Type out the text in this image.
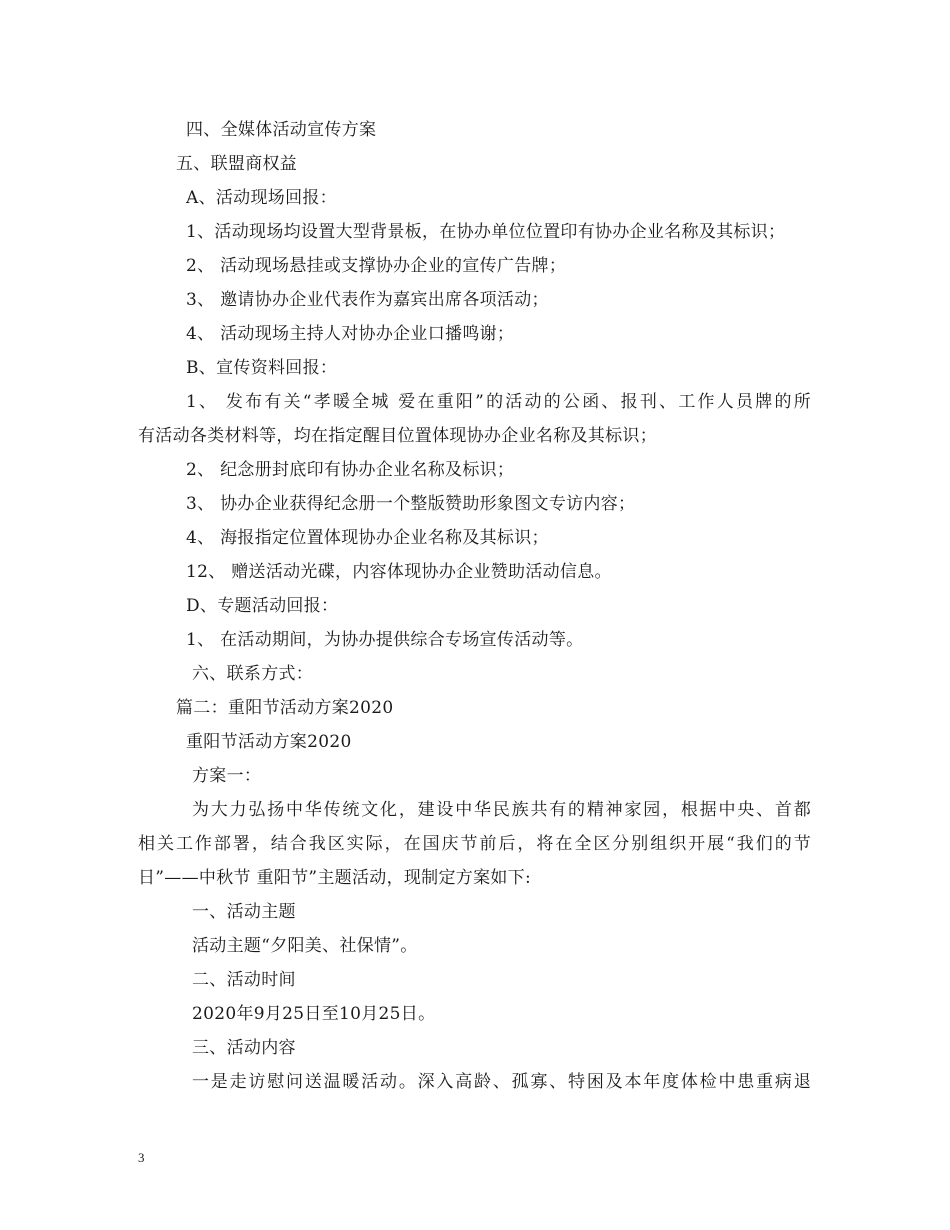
四、全媒体活动宣传方案
五、联盟商权益
A、活动现场回报：
1、活动现场均设置大型背景板，在协办单位位置印有协办企业名称及其标识；
2、 活动现场悬挂或支撑协办企业的宣传广告牌；
3、 邀请协办企业代表作为嘉宾出席各项活动；
4、 活动现场主持人对协办企业口播鸣谢；
B、宣传资料回报：
1、 发布有关“孝暖全城 爱在重阳”的活动的公函、报刊、工作人员牌的所
有活动各类材料等，均在指定醒目位置体现协办企业名称及其标识；
2、 纪念册封底印有协办企业名称及标识；
3、 协办企业获得纪念册一个整版赞助形象图文专访内容；
4、 海报指定位置体现协办企业名称及其标识；
12、 赠送活动光碟，内容体现协办企业赞助活动信息。
D、专题活动回报：
1、 在活动期间，为协办提供综合专场宣传活动等。
六、联系方式：
篇二：重阳节活动方案2020
重阳节活动方案2020
方案一：
为大力弘扬中华传统文化，建设中华民族共有的精神家园，根据中央、首都
相关工作部署，结合我区实际，在国庆节前后，将在全区分别组织开展“我们的节
日”——中秋节 重阳节”主题活动，现制定方案如下:
一、活动主题
活动主题“夕阳美、社保情”。
二、活动时间
2020年9月25日至10月25日。
三、活动内容
一是走访慰问送温暖活动。深入高龄、孤寡、特困及本年度体检中患重病退
3
